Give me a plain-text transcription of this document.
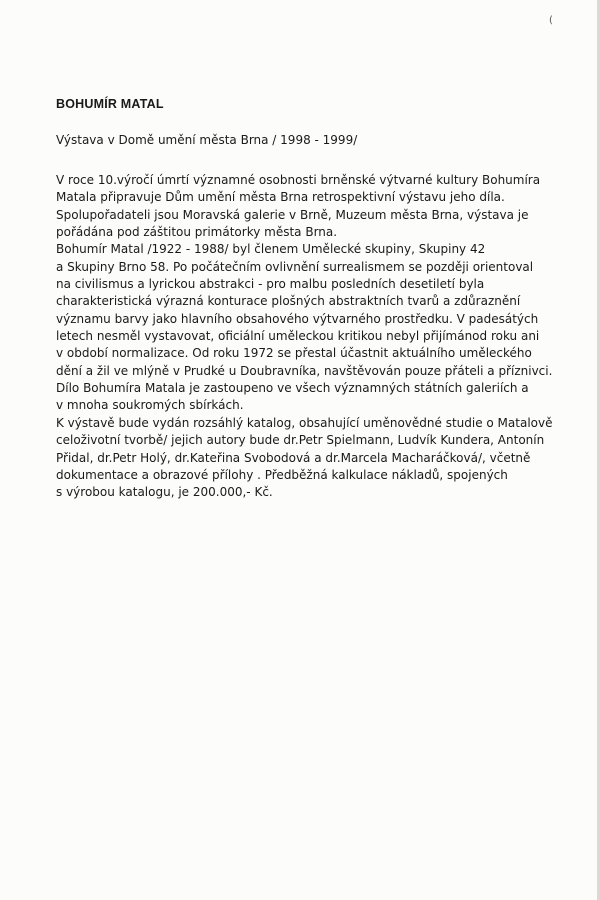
(
BOHUMÍR MATAL

Výstava v Domě umění města Brna / 1998 - 1999/

V roce 10.výročí úmrtí významné osobnosti brněnské výtvarné kultury Bohumíra
Matala připravuje Dům umění města Brna retrospektivní výstavu jeho díla.
Spolupořadateli jsou Moravská galerie v Brně, Muzeum města Brna, výstava je
pořádána pod záštitou primátorky města Brna.
Bohumír Matal /1922 - 1988/ byl členem Umělecké skupiny, Skupiny 42
a Skupiny Brno 58. Po počátečním ovlivnění surrealismem se později orientoval
na civilismus a lyrickou abstrakci - pro malbu posledních desetiletí byla
charakteristická výrazná konturace plošných abstraktních tvarů a zdůraznění
významu barvy jako hlavního obsahového výtvarného prostředku. V padesátých
letech nesměl vystavovat, oficiální uměleckou kritikou nebyl přijímánod roku ani
v období normalizace. Od roku 1972 se přestal účastnit aktuálního uměleckého
dění a žil ve mlýně v Prudké u Doubravníka, navštěvován pouze přáteli a příznivci.
Dílo Bohumíra Matala je zastoupeno ve všech významných státních galeriích a
v mnoha soukromých sbírkách.
K výstavě bude vydán rozsáhlý katalog, obsahující uměnovědné studie o Matalově
celoživotní tvorbě/ jejich autory bude dr.Petr Spielmann, Ludvík Kundera, Antonín
Přidal, dr.Petr Holý, dr.Kateřina Svobodová a dr.Marcela Macharáčková/, včetně
dokumentace a obrazové přílohy . Předběžná kalkulace nákladů, spojených
s výrobou katalogu, je 200.000,- Kč.
